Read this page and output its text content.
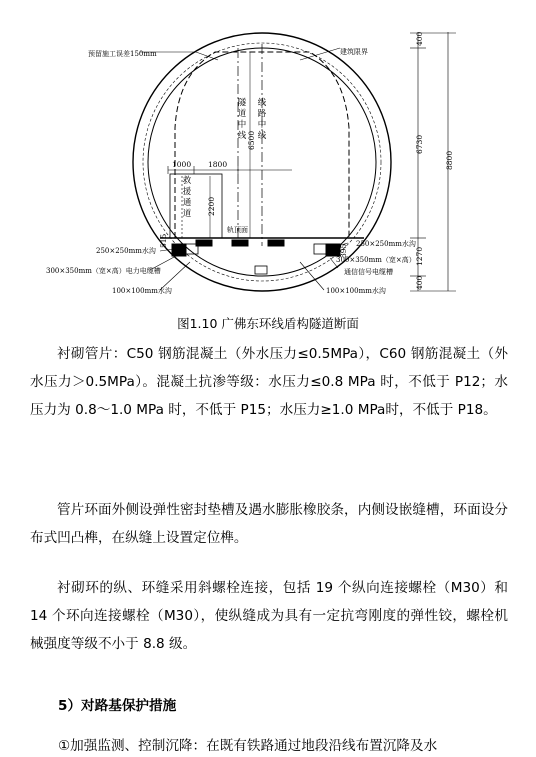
预留施工误差150mm	建筑限界
隧道中线
线路中线
救援通道
轨顶面
250×250mm水沟
300×350mm（宽×高）电力电缆槽
100×100mm水沟
250×250mm水沟
300×350mm（宽×高）
通信信号电缆槽
100×100mm水沟
6500
1000 1800
2200
515
395	1270
6730
8800
400
400
图1.10 广佛东环线盾构隧道断面

衬砌管片：C50 钢筋混凝土（外水压力≤0.5MPa），C60 钢筋混凝土（外水压力＞0.5MPa）。混凝土抗渗等级：水压力≤0.8 MPa 时，不低于 P12；水压力为 0.8～1.0 MPa 时，不低于 P15；水压力≥1.0 MPa时，不低于 P18。

管片环面外侧设弹性密封垫槽及遇水膨胀橡胶条，内侧设嵌缝槽，环面设分布式凹凸榫，在纵缝上设置定位榫。

衬砌环的纵、环缝采用斜螺栓连接，包括 19 个纵向连接螺栓（M30）和 14 个环向连接螺栓（M30），使纵缝成为具有一定抗弯刚度的弹性铰，螺栓机械强度等级不小于 8.8 级。

5）对路基保护措施
①加强监测、控制沉降：在既有铁路通过地段沿线布置沉降及水
